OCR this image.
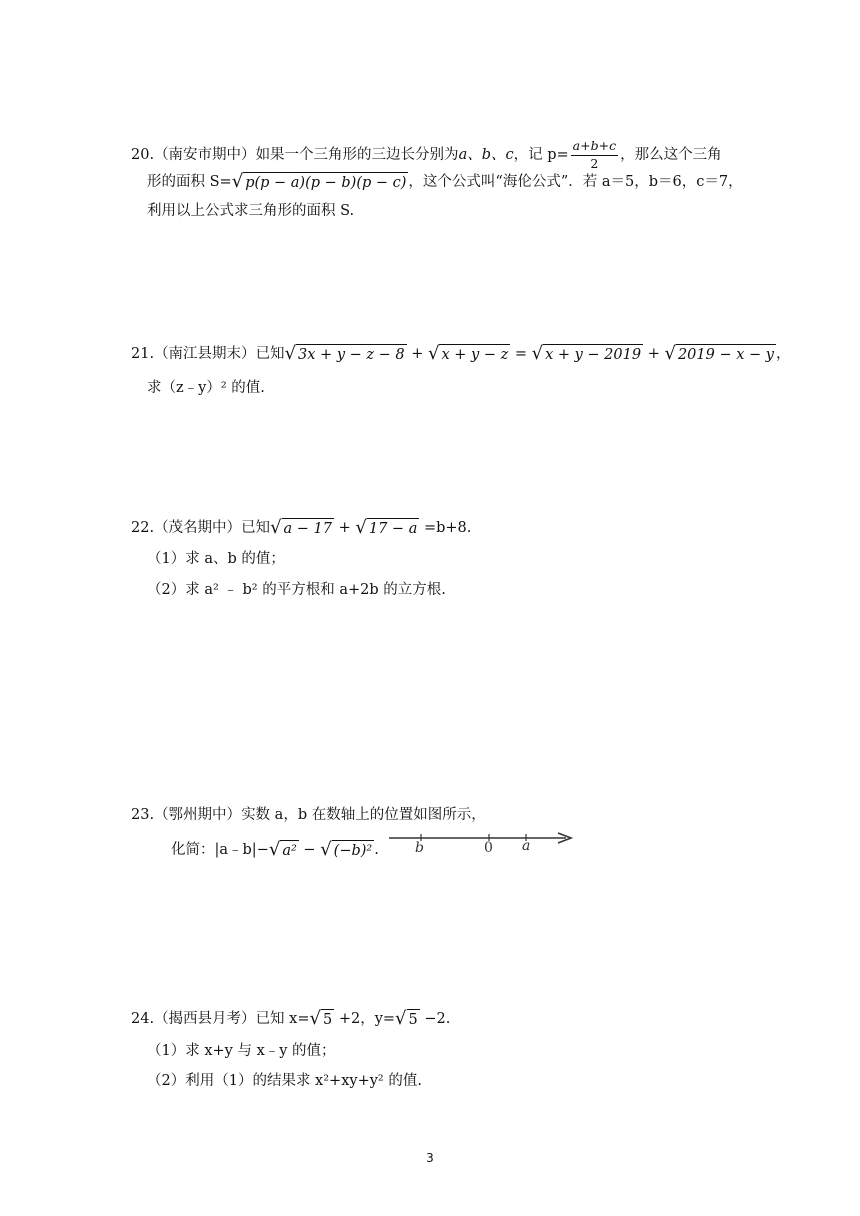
20.（南安市期中）如果一个三角形的三边长分别为a、b、c，记 $p= \frac{a+b+c}{2}$ ，那么这个三角
形的面积 S= √ p(p − a)(p − b)(p − c) ，这个公式叫“海伦公式”．若 a＝5，b＝6，c＝7，
利用以上公式求三角形的面积 S.
21.（南江县期末）已知 √ 3x + y − z − 8 + √ x + y − z = √ x + y − 2019 + √ 2019 − x − y ，
求（z﹣y）² 的值.
22.（茂名期中）已知 √ a − 17 + √ 17 − a =b+8.
（1）求 a、b 的值；
（2）求 a² ﹣ b² 的平方根和 a+2b 的立方根.
23.（鄂州期中）实数 a，b 在数轴上的位置如图所示，
化简：|a﹣b|− √ a² − √ (−b)² .	b	0 a
24.（揭西县月考）已知 x= √ 5 +2，y= √ 5 −2.
（1）求 x+y 与 x﹣y 的值；
（2）利用（1）的结果求 x²+xy+y² 的值.
3
